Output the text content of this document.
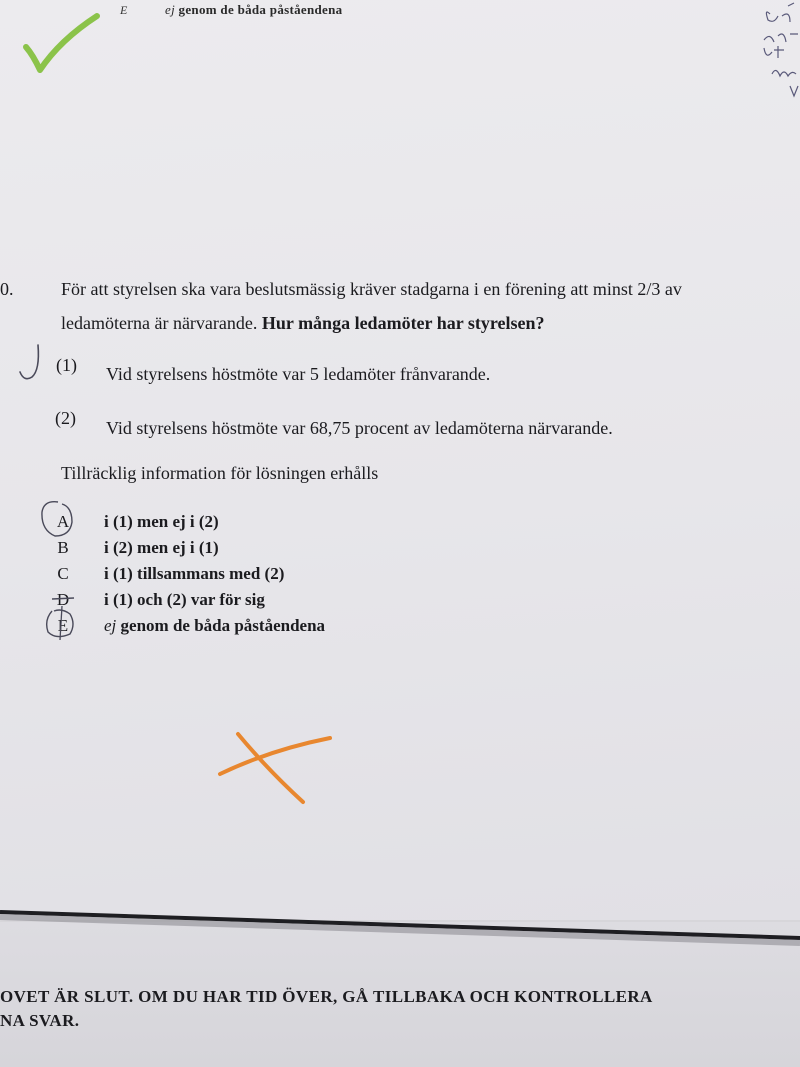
E	ej genom de båda påståendena
0.	För att styrelsen ska vara beslutsmässig kräver stadgarna i en förening att minst 2/3 av
ledamöterna är närvarande. Hur många ledamöter har styrelsen?
(1) Vid styrelsens höstmöte var 5 ledamöter frånvarande.
(2) Vid styrelsens höstmöte var 68,75 procent av ledamöterna närvarande.
Tillräcklig information för lösningen erhålls
A i (1) men ej i (2)
B i (2) men ej i (1)
C i (1) tillsammans med (2)
D i (1) och (2) var för sig
E ej genom de båda påståendena
OVET ÄR SLUT. OM DU HAR TID ÖVER, GÅ TILLBAKA OCH KONTROLLERA
NA SVAR.
